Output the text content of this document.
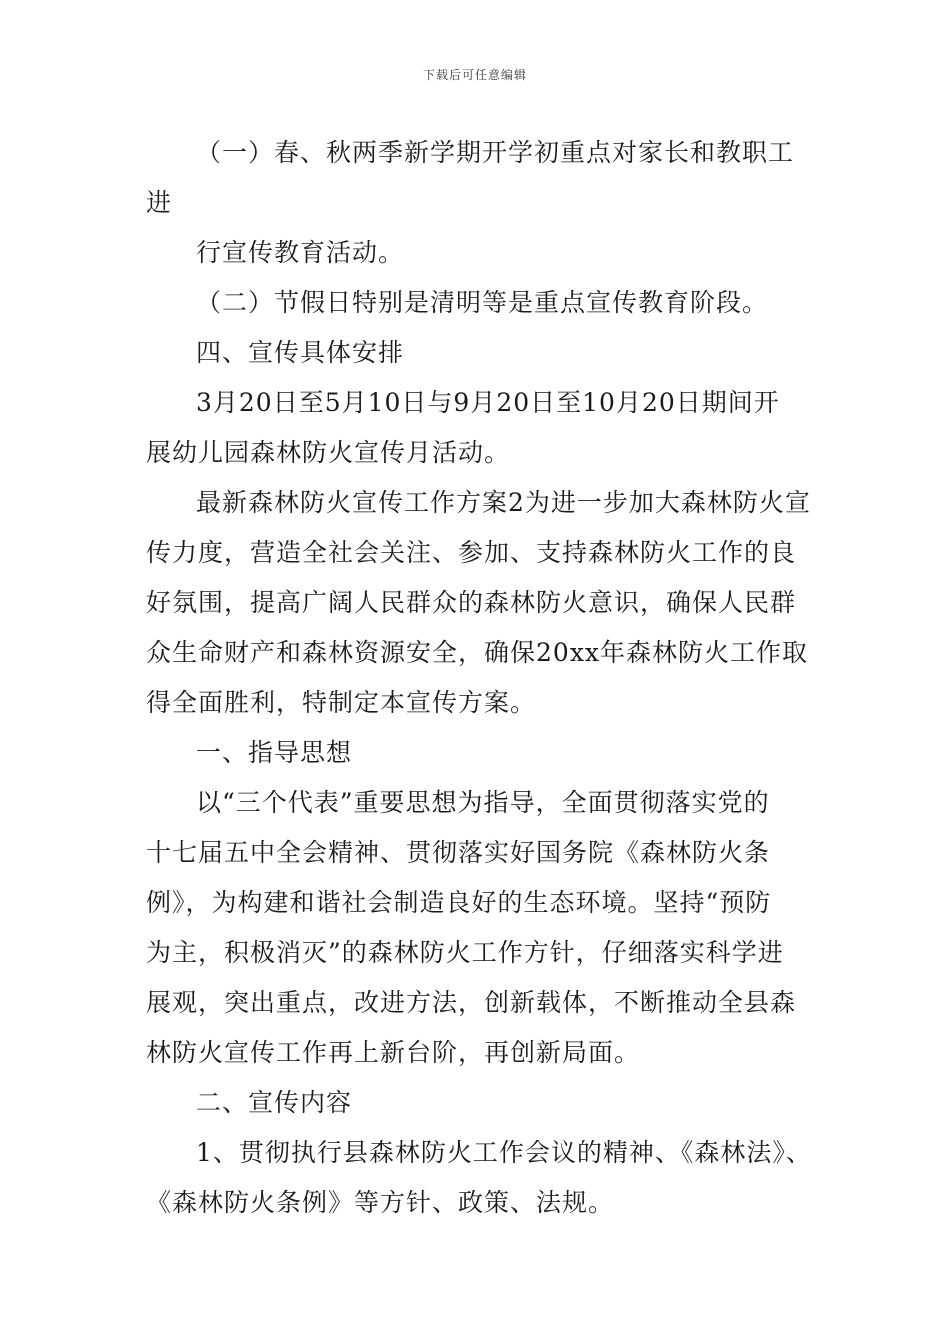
下载后可任意编辑
（一）春、秋两季新学期开学初重点对家长和教职工
进
行宣传教育活动。
（二）节假日特别是清明等是重点宣传教育阶段。
四、宣传具体安排
3月20日至5月10日与9月20日至10月20日期间开
展幼儿园森林防火宣传月活动。
最新森林防火宣传工作方案2为进一步加大森林防火宣
传力度，营造全社会关注、参加、支持森林防火工作的良
好氛围，提高广阔人民群众的森林防火意识，确保人民群
众生命财产和森林资源安全，确保20xx年森林防火工作取
得全面胜利，特制定本宣传方案。
一、指导思想
以“三个代表”重要思想为指导，全面贯彻落实党的
十七届五中全会精神、贯彻落实好国务院《森林防火条
例》，为构建和谐社会制造良好的生态环境。坚持“预防
为主，积极消灭”的森林防火工作方针，仔细落实科学进
展观，突出重点，改进方法，创新载体，不断推动全县森
林防火宣传工作再上新台阶，再创新局面。
二、宣传内容
1、贯彻执行县森林防火工作会议的精神、《森林法》、
《森林防火条例》等方针、政策、法规。
